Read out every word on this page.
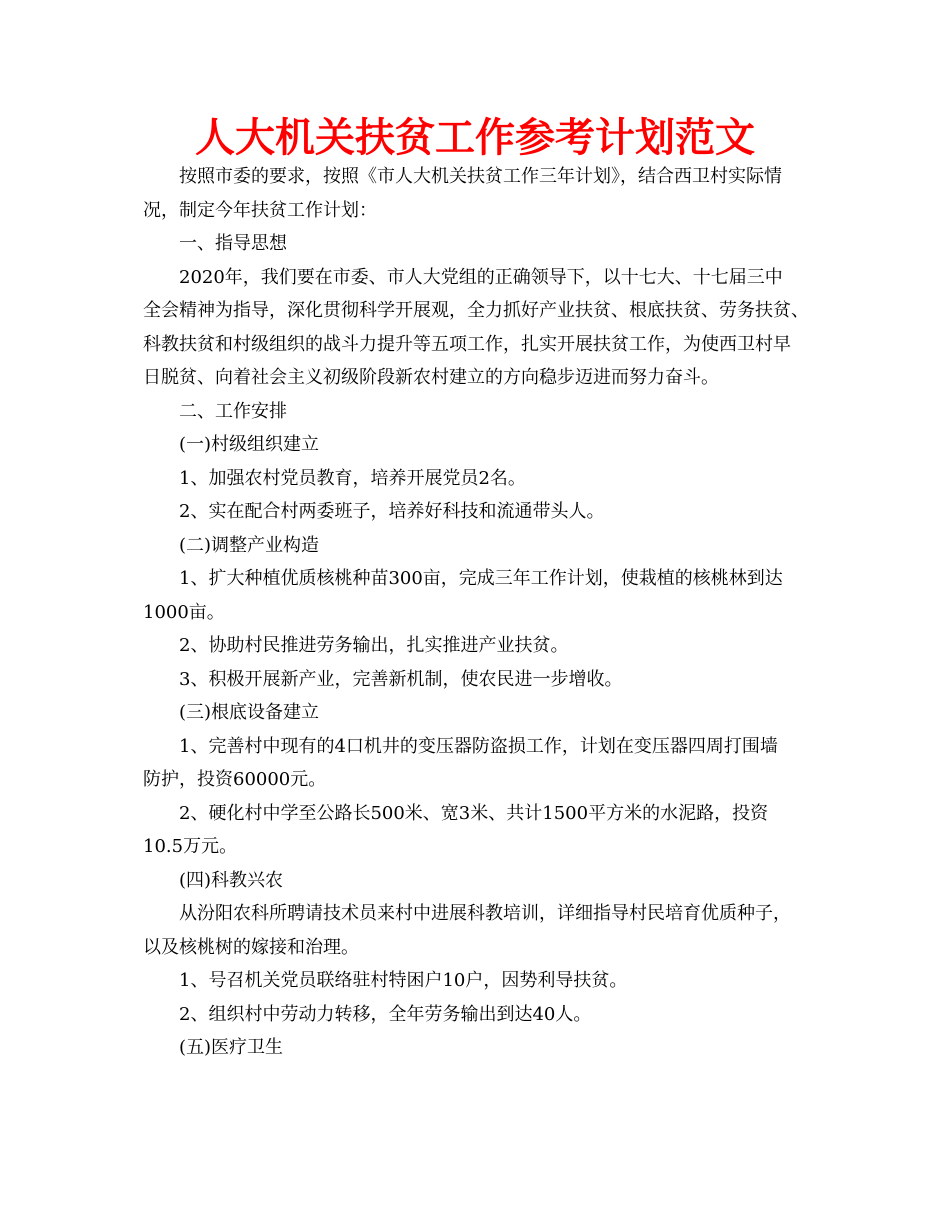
人大机关扶贫工作参考计划范文
按照市委的要求，按照《市人大机关扶贫工作三年计划》，结合西卫村实际情
况，制定今年扶贫工作计划：
一、指导思想
2020年，我们要在市委、市人大党组的正确领导下，以十七大、十七届三中
全会精神为指导，深化贯彻科学开展观，全力抓好产业扶贫、根底扶贫、劳务扶贫、
科教扶贫和村级组织的战斗力提升等五项工作，扎实开展扶贫工作，为使西卫村早
日脱贫、向着社会主义初级阶段新农村建立的方向稳步迈进而努力奋斗。
二、工作安排
(一)村级组织建立
1、加强农村党员教育，培养开展党员2名。
2、实在配合村两委班子，培养好科技和流通带头人。
(二)调整产业构造
1、扩大种植优质核桃种苗300亩，完成三年工作计划，使栽植的核桃林到达
1000亩。
2、协助村民推进劳务输出，扎实推进产业扶贫。
3、积极开展新产业，完善新机制，使农民进一步增收。
(三)根底设备建立
1、完善村中现有的4口机井的变压器防盗损工作，计划在变压器四周打围墙
防护，投资60000元。
2、硬化村中学至公路长500米、宽3米、共计1500平方米的水泥路，投资
10.5万元。
(四)科教兴农
从汾阳农科所聘请技术员来村中进展科教培训，详细指导村民培育优质种子，
以及核桃树的嫁接和治理。
1、号召机关党员联络驻村特困户10户，因势利导扶贫。
2、组织村中劳动力转移，全年劳务输出到达40人。
(五)医疗卫生
